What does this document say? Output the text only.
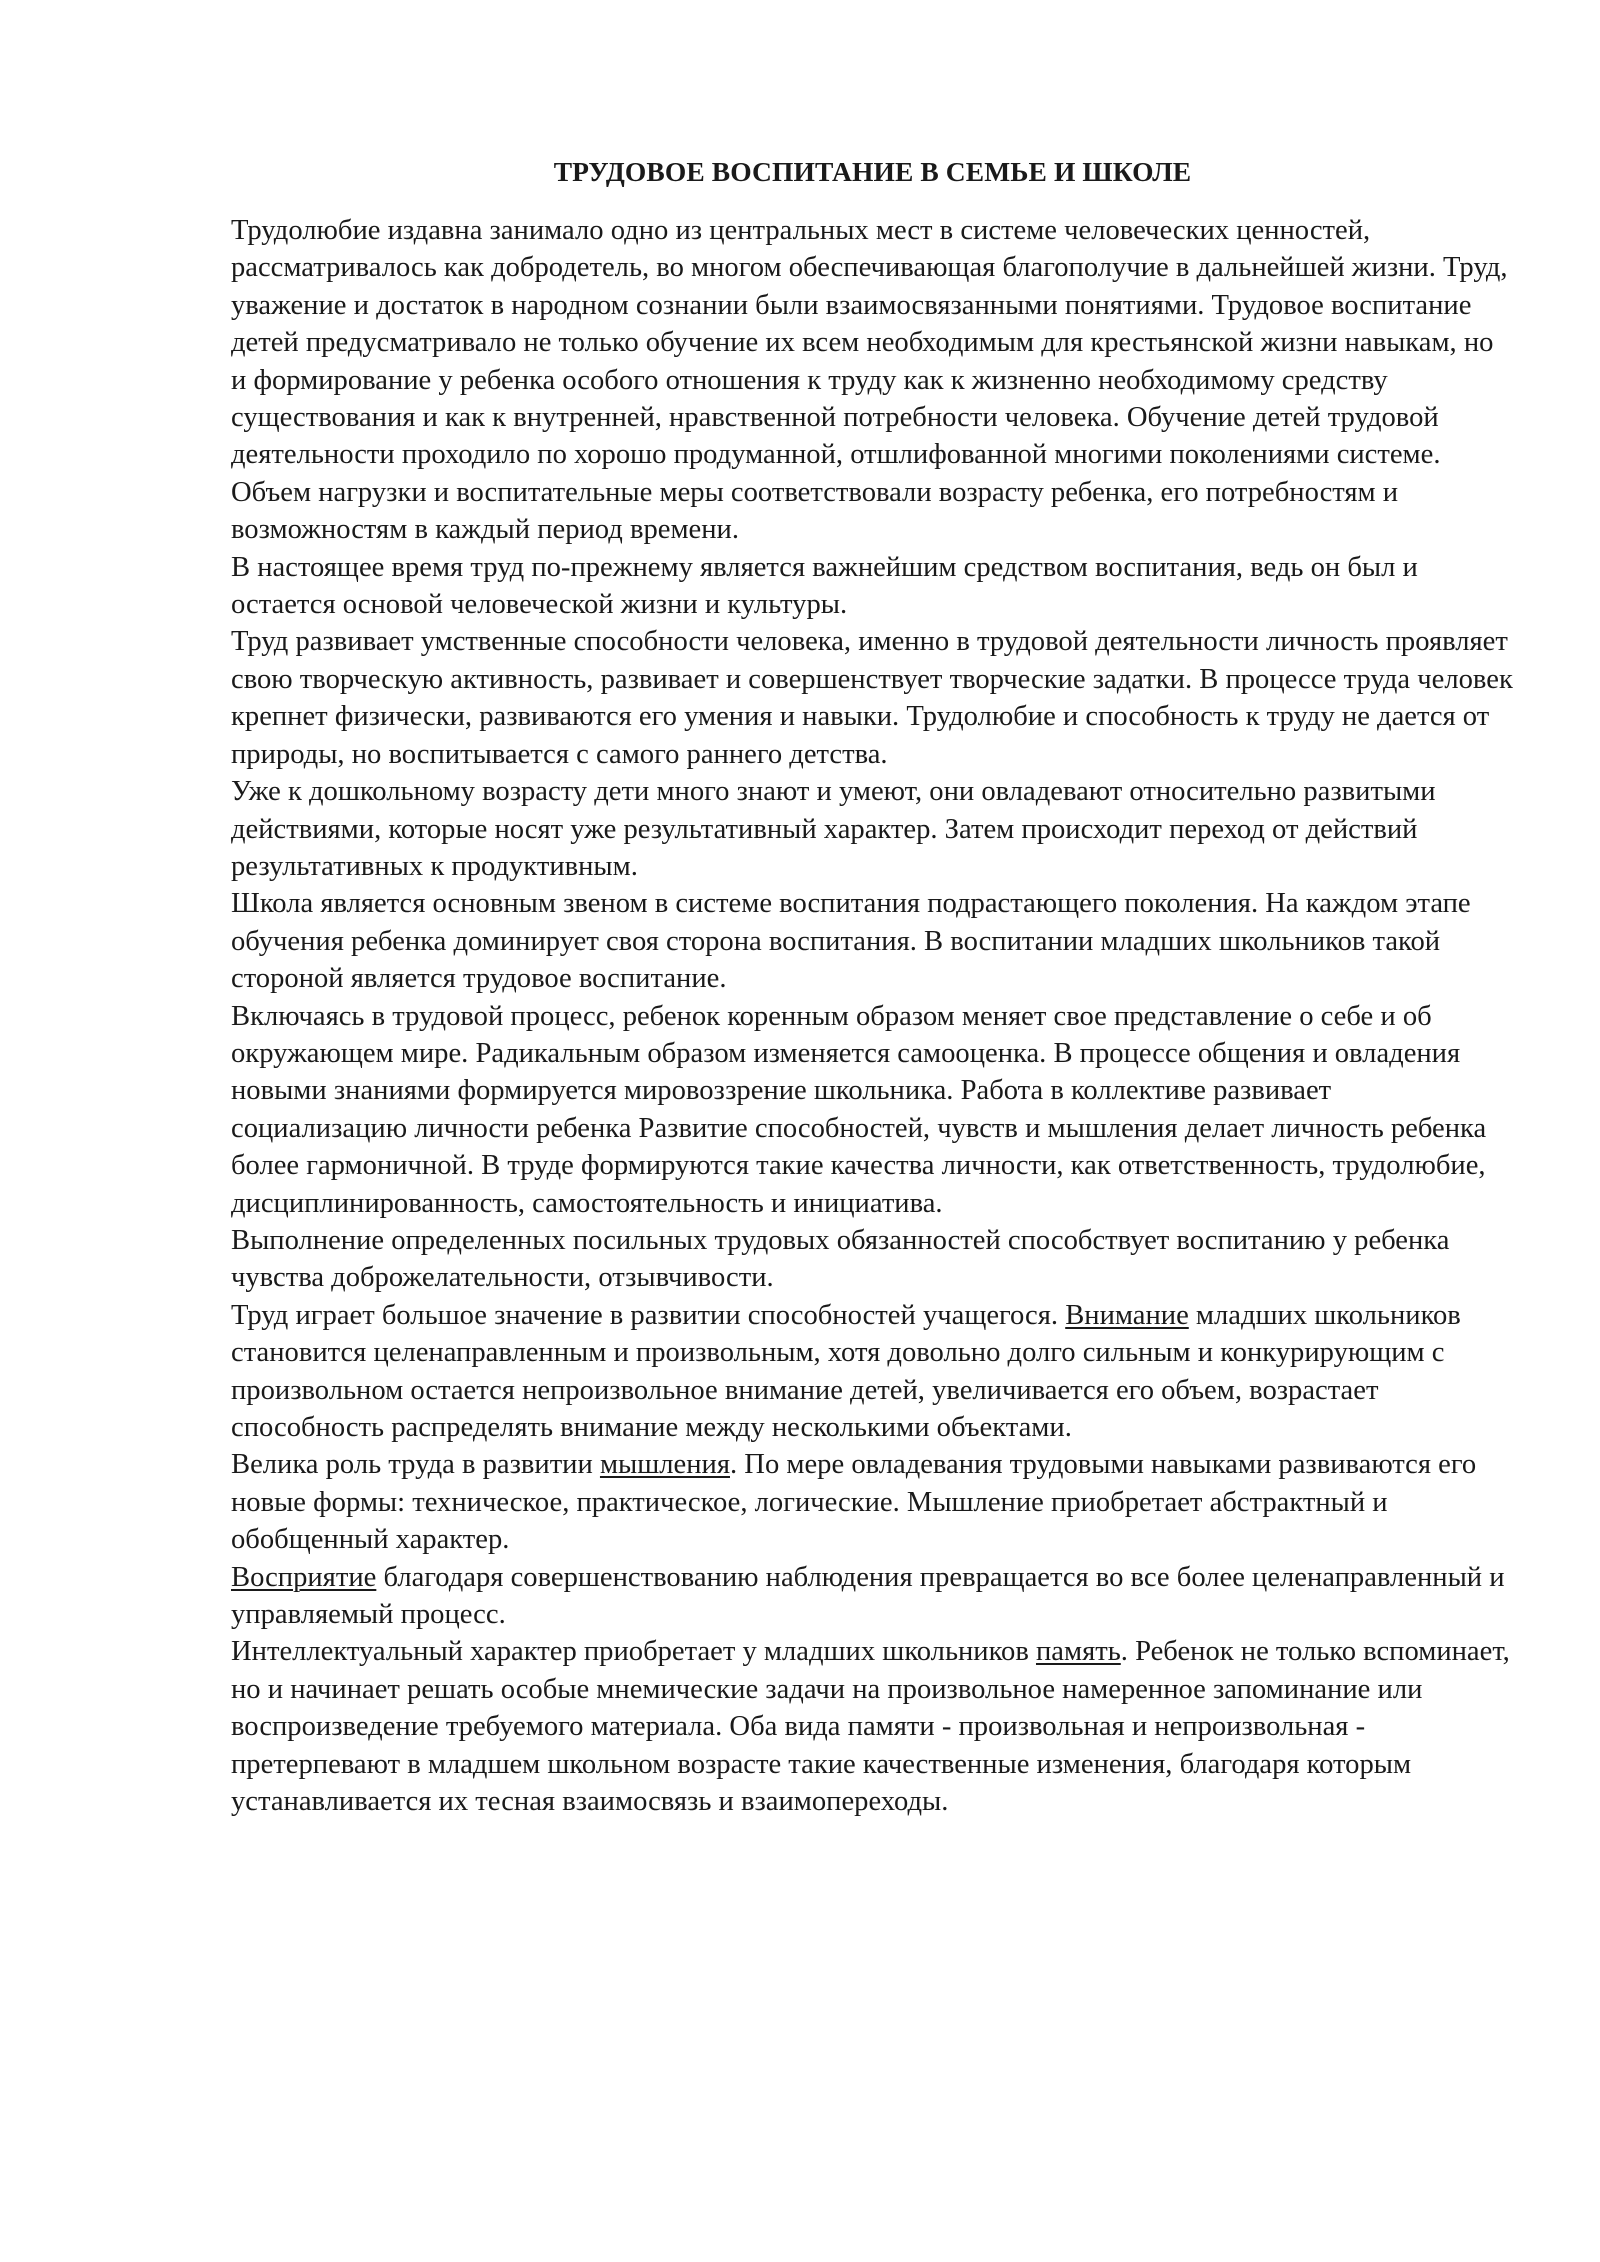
ТРУДОВОЕ ВОСПИТАНИЕ В СЕМЬЕ И ШКОЛЕ

Трудолюбие издавна занимало одно из центральных мест в системе человеческих ценностей, рассматривалось как добродетель, во многом обеспечивающая благополучие в дальнейшей жизни. Труд, уважение и достаток в народном сознании были взаимосвязанными понятиями. Трудовое воспитание детей предусматривало не только обучение их всем необходимым для крестьянской жизни навыкам, но и формирование у ребенка особого отношения к труду как к жизненно необходимому средству существования и как к внутренней, нравственной потребности человека. Обучение детей трудовой деятельности проходило по хорошо продуманной, отшлифованной многими поколениями системе. Объем нагрузки и воспитательные меры соответствовали возрасту ребенка, его потребностям и возможностям в каждый период времени.

В настоящее время труд по-прежнему является важнейшим средством воспитания, ведь он был и остается основой человеческой жизни и культуры.

Труд развивает умственные способности человека, именно в трудовой деятельности личность проявляет свою творческую активность, развивает и совершенствует творческие задатки. В процессе труда человек крепнет физически, развиваются его умения и навыки. Трудолюбие и способность к труду не дается от природы, но воспитывается с самого раннего детства.

Уже к дошкольному возрасту дети много знают и умеют, они овладевают относительно развитыми действиями, которые носят уже результативный характер. Затем происходит переход от действий результативных к продуктивным.

Школа является основным звеном в системе воспитания подрастающего поколения. На каждом этапе обучения ребенка доминирует своя сторона воспитания. В воспитании младших школьников такой стороной является трудовое воспитание.

Включаясь в трудовой процесс, ребенок коренным образом меняет свое представление о себе и об окружающем мире. Радикальным образом изменяется самооценка. В процессе общения и овладения новыми знаниями формируется мировоззрение школьника. Работа в коллективе развивает социализацию личности ребенка Развитие способностей, чувств и мышления делает личность ребенка более гармоничной. В труде формируются такие качества личности, как ответственность, трудолюбие, дисциплинированность, самостоятельность и инициатива.

Выполнение определенных посильных трудовых обязанностей способствует воспитанию у ребенка чувства доброжелательности, отзывчивости.

Труд играет большое значение в развитии способностей учащегося. Внимание младших школьников становится целенаправленным и произвольным, хотя довольно долго сильным и конкурирующим с произвольном остается непроизвольное внимание детей, увеличивается его объем, возрастает способность распределять внимание между несколькими объектами.

Велика роль труда в развитии мышления. По мере овладевания трудовыми навыками развиваются его новые формы: техническое, практическое, логические. Мышление приобретает абстрактный и обобщенный характер.

Восприятие благодаря совершенствованию наблюдения превращается во все более целенаправленный и управляемый процесс.

Интеллектуальный характер приобретает у младших школьников память. Ребенок не только вспоминает, но и начинает решать особые мнемические задачи на произвольное намеренное запоминание или воспроизведение требуемого материала. Оба вида памяти - произвольная и непроизвольная - претерпевают в младшем школьном возрасте такие качественные изменения, благодаря которым устанавливается их тесная взаимосвязь и взаимопереходы.
